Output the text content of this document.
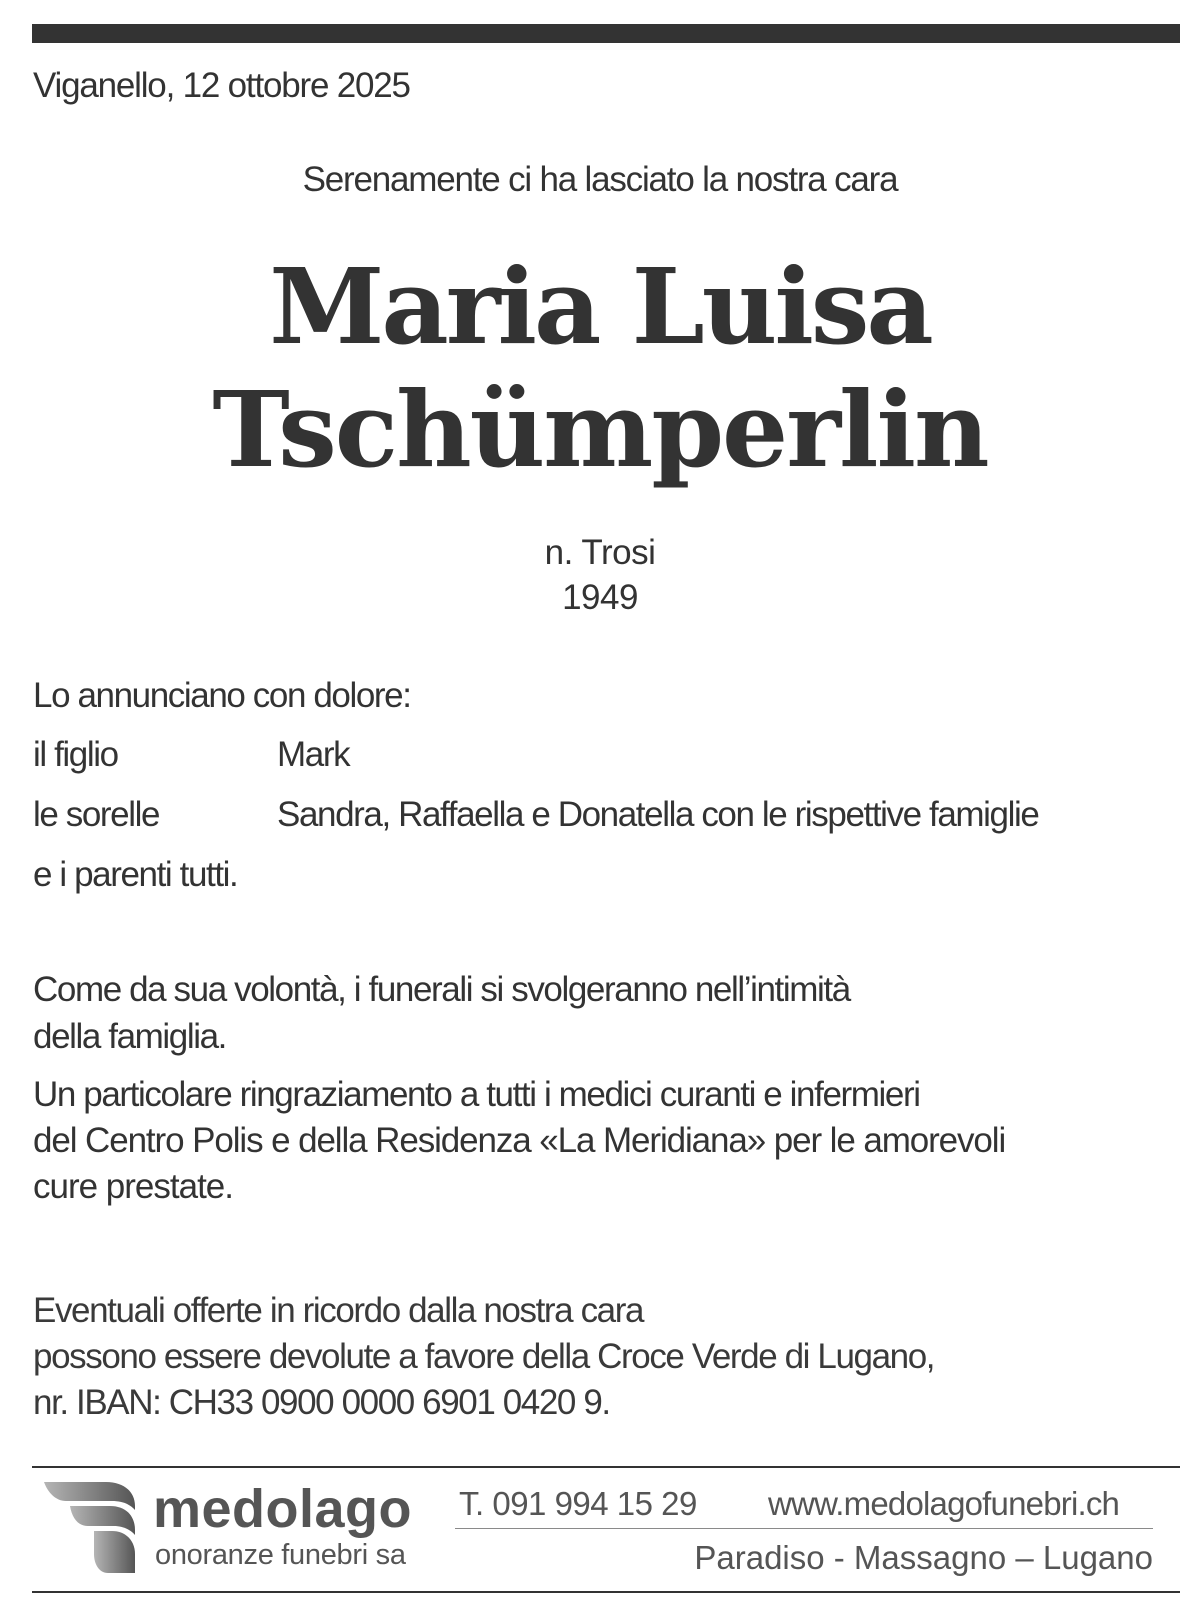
Viganello, 12 ottobre 2025
Serenamente ci ha lasciato la nostra cara
Maria Luisa
Tschümperlin
n. Trosi
1949
Lo annunciano con dolore:
il figlio	Mark
le sorelle	Sandra, Raffaella e Donatella con le rispettive famiglie
e i parenti tutti.
Come da sua volontà, i funerali si svolgeranno nell’intimità
della famiglia.
Un particolare ringraziamento a tutti i medici curanti e infermieri
del Centro Polis e della Residenza «La Meridiana» per le amorevoli
cure prestate.
Eventuali offerte in ricordo dalla nostra cara
possono essere devolute a favore della Croce Verde di Lugano,
nr. IBAN: CH33 0900 0000 6901 0420 9.
medolago
onoranze funebri sa
T. 091 994 15 29 www.medolagofunebri.ch
Paradiso - Massagno – Lugano
